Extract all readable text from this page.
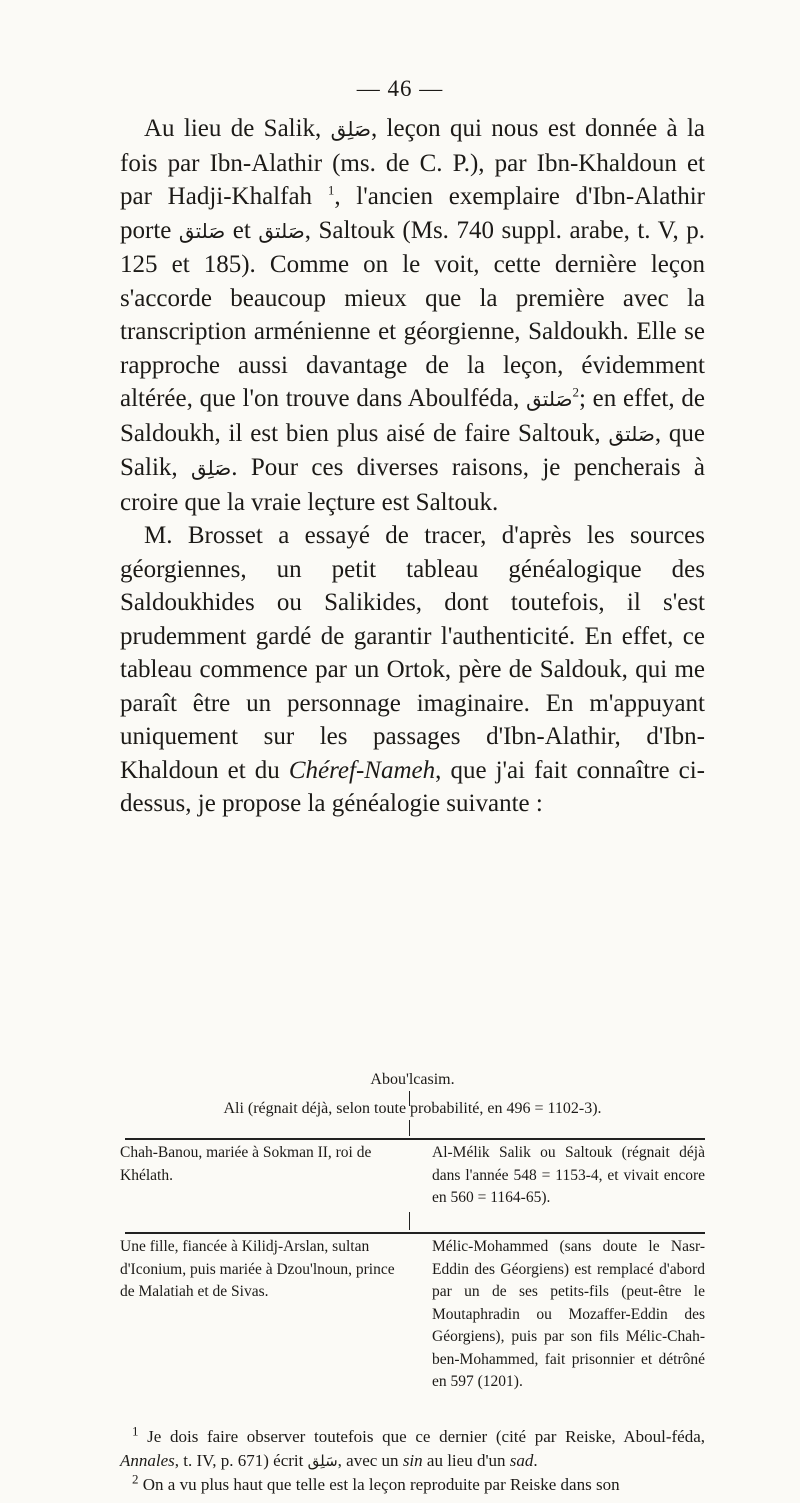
— 46 —

Au lieu de Salik, صَلِق, leçon qui nous est donnée à la fois par Ibn-Alathir (ms. de C. P.), par Ibn-Khaldoun et par Hadji-Khalfah $^1$, l'ancien exemplaire d'Ibn-Alathir porte صَلتق et صَلتق, Saltouk (Ms. 740 suppl. arabe, t. V, p. 125 et 185). Comme on le voit, cette dernière leçon s'accorde beaucoup mieux que la première avec la transcription arménienne et géorgienne, Saldoukh. Elle se rapproche aussi davantage de la leçon, évidemment altérée, que l'on trouve dans Aboulféda, صَلتق$^2$; en effet, de Saldoukh, il est bien plus aisé de faire Saltouk, صَلتق, que Salik, صَلِق. Pour ces diverses raisons, je pencherais à croire que la vraie leçture est Saltouk.

M. Brosset a essayé de tracer, d'après les sources géorgiennes, un petit tableau généalogique des Saldoukhides ou Salikides, dont toutefois, il s'est prudemment gardé de garantir l'authenticité. En effet, ce tableau commence par un Ortok, père de Saldouk, qui me paraît être un personnage imaginaire. En m'appuyant uniquement sur les passages d'Ibn-Alathir, d'Ibn-Khaldoun et du Chéref-Nameh, que j'ai fait connaître ci-dessus, je propose la généalogie suivante :

Abou'lcasim.
Ali (régnait déjà, selon toute probabilité, en 496 = 1102-3).
Chah-Banou, mariée à Sokman II, roi de Khélath.
Al-Mélik Salik ou Saltouk (régnait déjà dans l'année 548 = 1153-4, et vivait encore en 560 = 1164-65).
Une fille, fiancée à Kilidj-Arslan, sultan d'Iconium, puis mariée à Dzou'lnoun, prince de Malatiah et de Sivas.
Mélic-Mohammed (sans doute le Nasr-Eddin des Géorgiens) est remplacé d'abord par un de ses petits-fils (peut-être le Moutaphradin ou Mozaffer-Eddin des Géorgiens), puis par son fils Mélic-Chah-ben-Mohammed, fait prisonnier et détrôné en 597 (1201).

$^1$ Je dois faire observer toutefois que ce dernier (cité par Reiske, Aboul-féda, Annales, t. IV, p. 671) écrit سَلِق, avec un sin au lieu d'un sad.

$^2$ On a vu plus haut que telle est la leçon reproduite par Reiske dans son
